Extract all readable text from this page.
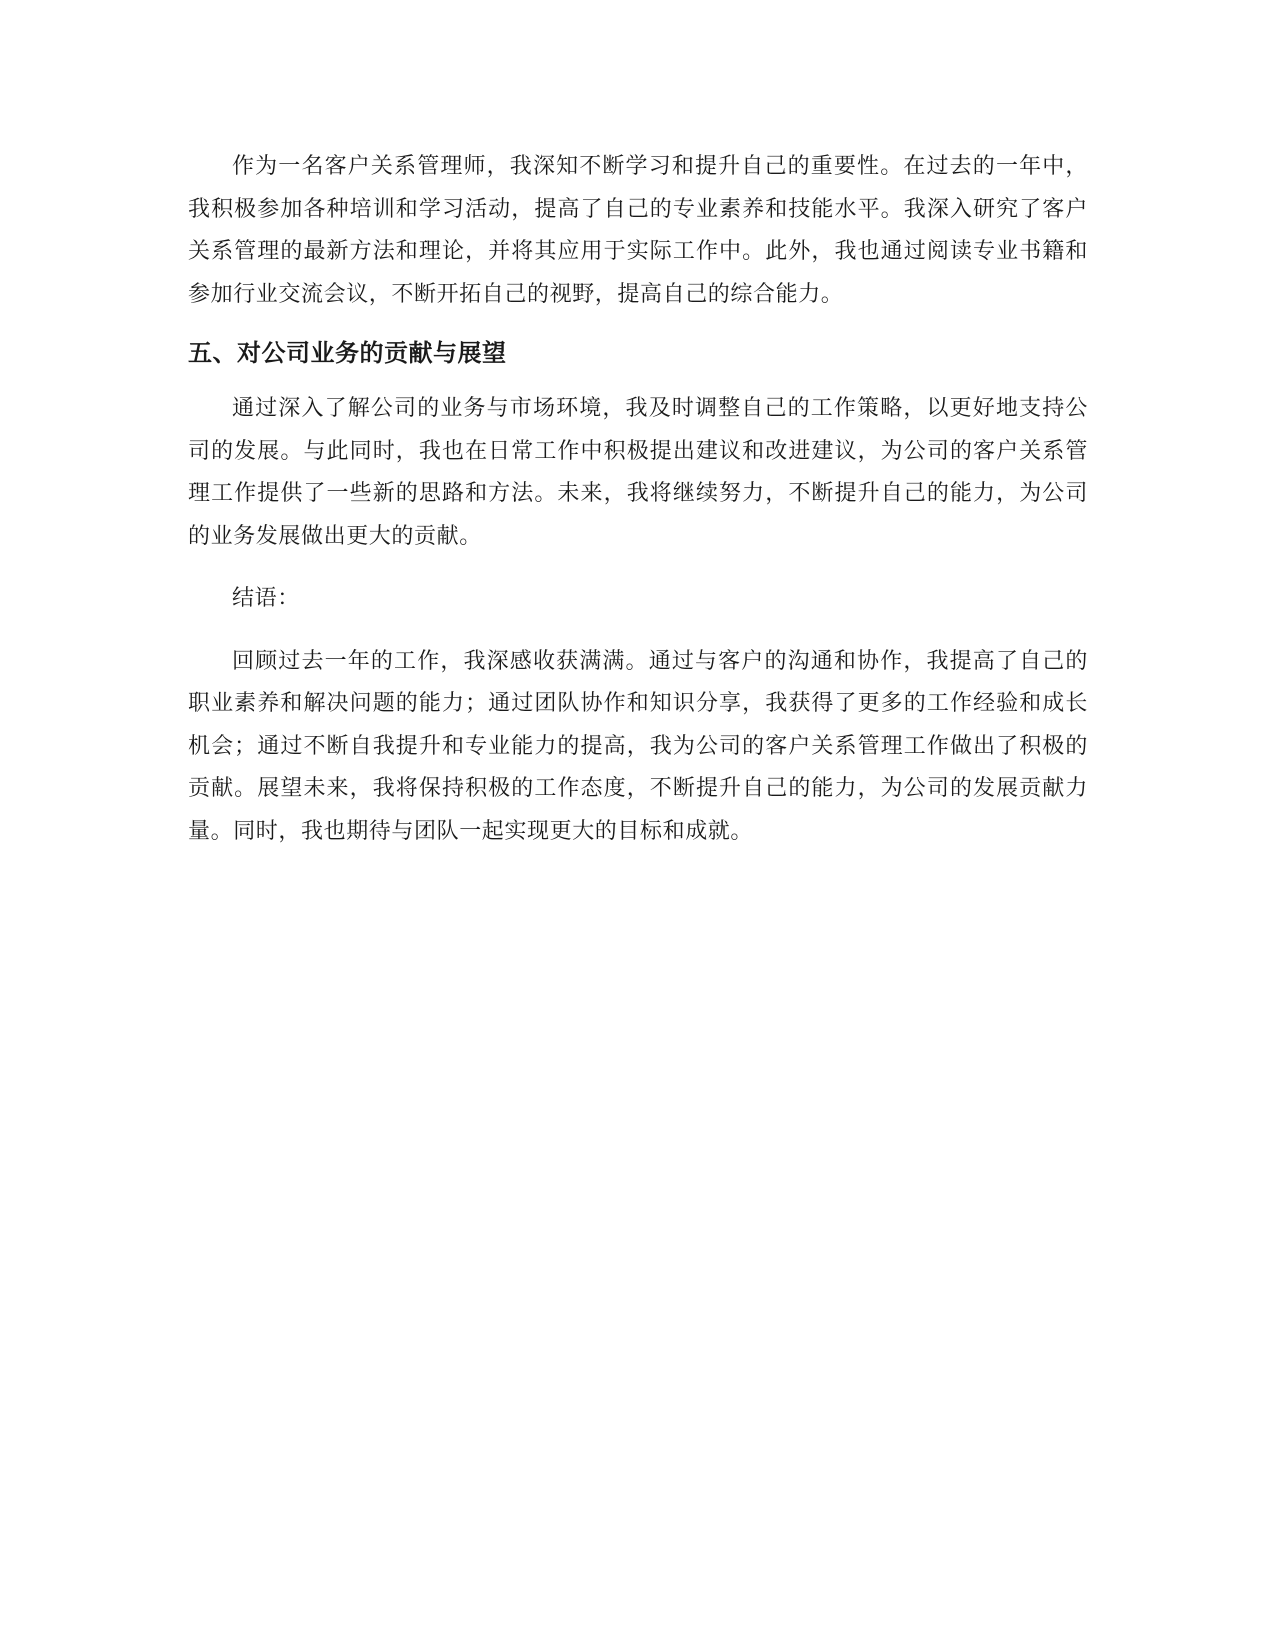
作为一名客户关系管理师，我深知不断学习和提升自己的重要性。在过去的一年中，我积极参加各种培训和学习活动，提高了自己的专业素养和技能水平。我深入研究了客户关系管理的最新方法和理论，并将其应用于实际工作中。此外，我也通过阅读专业书籍和参加行业交流会议，不断开拓自己的视野，提高自己的综合能力。

五、对公司业务的贡献与展望

通过深入了解公司的业务与市场环境，我及时调整自己的工作策略，以更好地支持公司的发展。与此同时，我也在日常工作中积极提出建议和改进建议，为公司的客户关系管理工作提供了一些新的思路和方法。未来，我将继续努力，不断提升自己的能力，为公司的业务发展做出更大的贡献。

结语：

回顾过去一年的工作，我深感收获满满。通过与客户的沟通和协作，我提高了自己的职业素养和解决问题的能力；通过团队协作和知识分享，我获得了更多的工作经验和成长机会；通过不断自我提升和专业能力的提高，我为公司的客户关系管理工作做出了积极的贡献。展望未来，我将保持积极的工作态度，不断提升自己的能力，为公司的发展贡献力量。同时，我也期待与团队一起实现更大的目标和成就。
